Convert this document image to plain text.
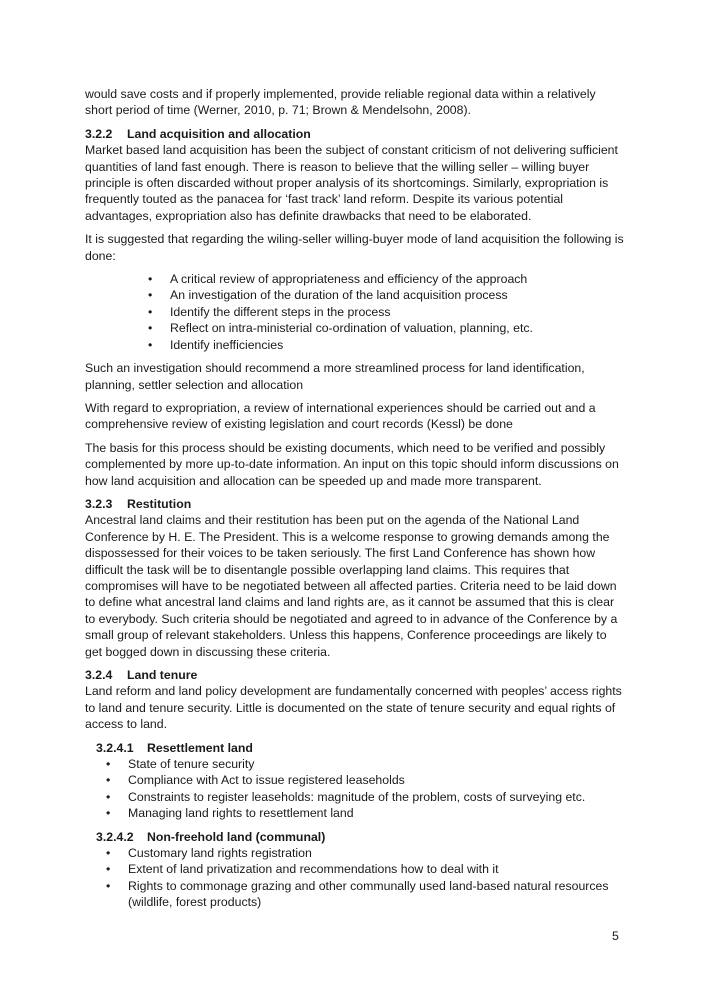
would save costs and if properly implemented, provide reliable regional data within a relatively short period of time (Werner, 2010, p. 71; Brown & Mendelsohn, 2008).

3.2.2 Land acquisition and allocation

Market based land acquisition has been the subject of constant criticism of not delivering sufficient quantities of land fast enough. There is reason to believe that the willing seller – willing buyer principle is often discarded without proper analysis of its shortcomings. Similarly, expropriation is frequently touted as the panacea for ‘fast track’ land reform. Despite its various potential advantages, expropriation also has definite drawbacks that need to be elaborated.

It is suggested that regarding the wiling-seller willing-buyer mode of land acquisition the following is done:

• A critical review of appropriateness and efficiency of the approach
• An investigation of the duration of the land acquisition process
• Identify the different steps in the process
• Reflect on intra-ministerial co-ordination of valuation, planning, etc.
• Identify inefficiencies

Such an investigation should recommend a more streamlined process for land identification, planning, settler selection and allocation

With regard to expropriation, a review of international experiences should be carried out and a comprehensive review of existing legislation and court records (Kessl) be done

The basis for this process should be existing documents, which need to be verified and possibly complemented by more up-to-date information. An input on this topic should inform discussions on how land acquisition and allocation can be speeded up and made more transparent.

3.2.3 Restitution

Ancestral land claims and their restitution has been put on the agenda of the National Land Conference by H. E. The President. This is a welcome response to growing demands among the dispossessed for their voices to be taken seriously. The first Land Conference has shown how difficult the task will be to disentangle possible overlapping land claims. This requires that compromises will have to be negotiated between all affected parties. Criteria need to be laid down to define what ancestral land claims and land rights are, as it cannot be assumed that this is clear to everybody. Such criteria should be negotiated and agreed to in advance of the Conference by a small group of relevant stakeholders. Unless this happens, Conference proceedings are likely to get bogged down in discussing these criteria.

3.2.4 Land tenure

Land reform and land policy development are fundamentally concerned with peoples’ access rights to land and tenure security. Little is documented on the state of tenure security and equal rights of access to land.

3.2.4.1 Resettlement land
• State of tenure security
• Compliance with Act to issue registered leaseholds
• Constraints to register leaseholds: magnitude of the problem, costs of surveying etc.
• Managing land rights to resettlement land
3.2.4.2 Non-freehold land (communal)
• Customary land rights registration
• Extent of land privatization and recommendations how to deal with it
• Rights to commonage grazing and other communally used land-based natural resources (wildlife, forest products)
5
